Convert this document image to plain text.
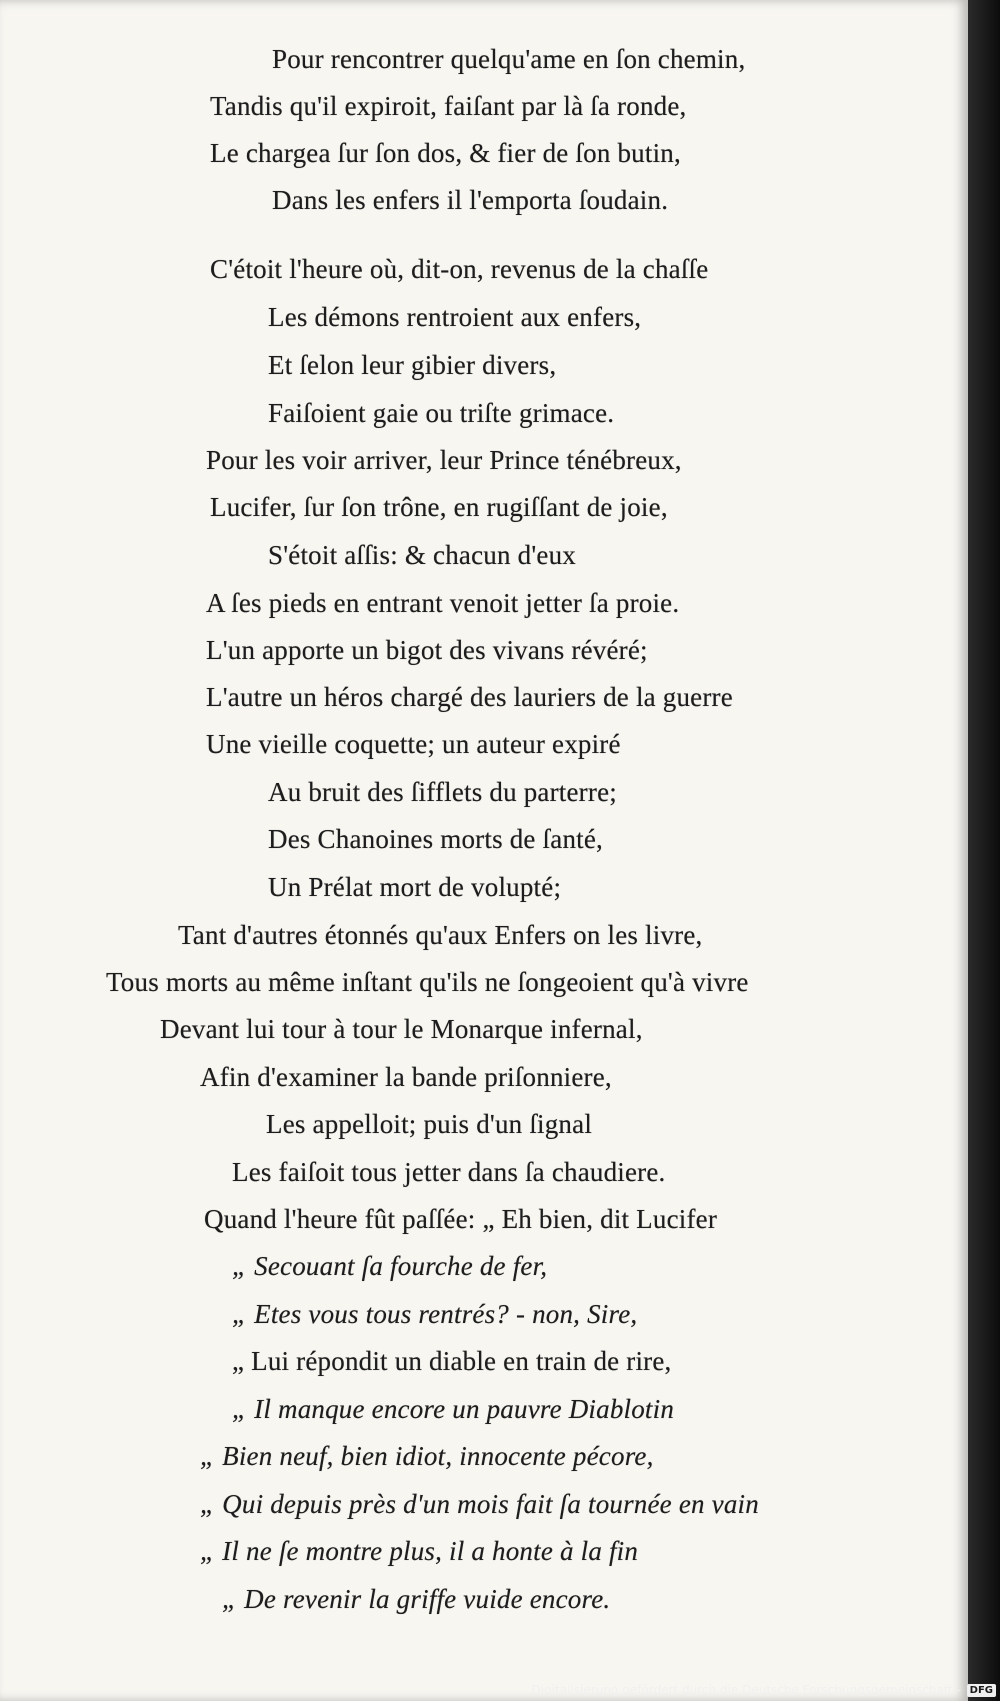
Pour rencontrer quelqu'ame en ſon chemin,
Tandis qu'il expiroit, faiſant par là ſa ronde,
Le chargea ſur ſon dos, & fier de ſon butin,
Dans les enfers il l'emporta ſoudain.
C'étoit l'heure où, dit-on, revenus de la chaſſe
Les démons rentroient aux enfers,
Et ſelon leur gibier divers,
Faiſoient gaie ou triſte grimace.
Pour les voir arriver, leur Prince ténébreux,
Lucifer, ſur ſon trône, en rugiſſant de joie,
S'étoit aſſis: & chacun d'eux
A ſes pieds en entrant venoit jetter ſa proie.
L'un apporte un bigot des vivans révéré;
L'autre un héros chargé des lauriers de la guerre
Une vieille coquette; un auteur expiré
Au bruit des ſifflets du parterre;
Des Chanoines morts de ſanté,
Un Prélat mort de volupté;
Tant d'autres étonnés qu'aux Enfers on les livre,
Tous morts au même inſtant qu'ils ne ſongeoient qu'à vivre
Devant lui tour à tour le Monarque infernal,
Afin d'examiner la bande priſonniere,
Les appelloit; puis d'un ſignal
Les faiſoit tous jetter dans ſa chaudiere.
Quand l'heure fût paſſée: „ Eh bien, dit Lucifer
„ Secouant ſa fourche de fer,
„ Etes vous tous rentrés? - non, Sire,
„ Lui répondit un diable en train de rire,
„ Il manque encore un pauvre Diablotin
„ Bien neuf, bien idiot, innocente pécore,
„ Qui depuis près d'un mois fait ſa tournée en vain
„ Il ne ſe montre plus, il a honte à la fin
„ De revenir la griffe vuide encore.
Digitalisierung gefördert durch die Deutsche Forschungsgemeinschaft - DFG
